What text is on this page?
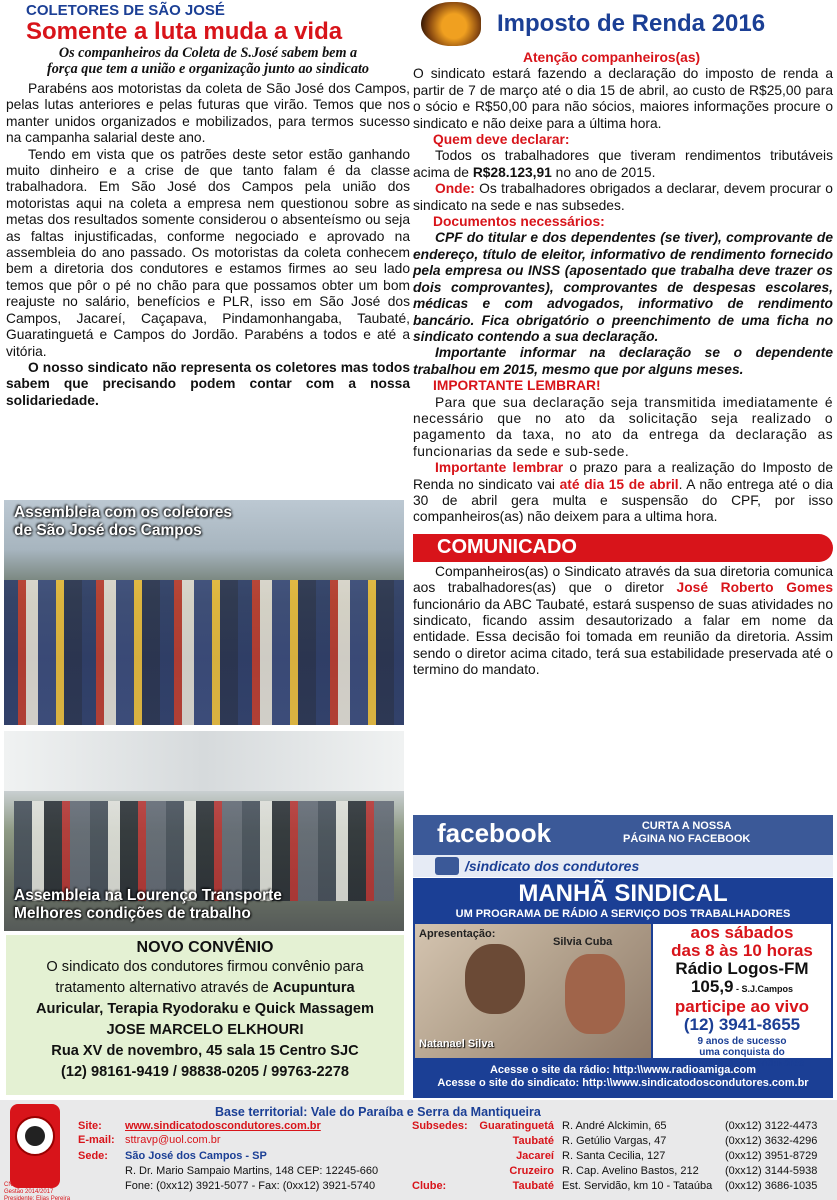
COLETORES DE SÃO JOSÉ
Somente a luta muda a vida
Os companheiros da Coleta de S.José sabem bem a
força que tem a união e organização junto ao sindicato

Parabéns aos motoristas da coleta de São José dos Campos, pelas lutas anteriores e pelas futuras que virão. Temos que nos manter unidos organizados e mobilizados, para termos sucesso na campanha salarial deste ano.

Tendo em vista que os patrões deste setor estão ganhando muito dinheiro e a crise de que tanto falam é da classe trabalhadora. Em São José dos Campos pela união dos motoristas aqui na coleta a empresa nem questionou sobre as metas dos resultados somente considerou o absenteísmo ou seja as faltas injustificadas, conforme negociado e aprovado na assembleia do ano passado. Os motoristas da coleta conhecem bem a diretoria dos condutores e estamos firmes ao seu lado temos que pôr o pé no chão para que possamos obter um bom reajuste no salário, benefícios e PLR, isso em São José dos Campos, Jacareí, Caçapava, Pindamonhangaba, Taubaté, Guaratinguetá e Campos do Jordão. Parabéns a todos e até a vitória.

O nosso sindicato não representa os coletores mas todos sabem que precisando podem contar com a nossa solidariedade.

Assembleia com os coletores
de São José dos Campos
Assembleia na Lourenço Transporte
Melhores condições de trabalho
NOVO CONVÊNIO
O sindicato dos condutores firmou convênio para
tratamento alternativo através de Acupuntura
Auricular, Terapia Ryodoraku e Quick Massagem
JOSE MARCELO ELKHOURI
Rua XV de novembro, 45 sala 15 Centro SJC
(12) 98161-9419 / 98838-0205 / 99763-2278
Imposto de Renda 2016
Atenção companheiros(as)

O sindicato estará fazendo a declaração do imposto de renda a partir de 7 de março até o dia 15 de abril, ao custo de R$25,00 para o sócio e R$50,00 para não sócios, maiores informações procure o sindicato e não deixe para a última hora.

Quem deve declarar:

Todos os trabalhadores que tiveram rendimentos tributáveis acima de R$28.123,91 no ano de 2015.

Onde: Os trabalhadores obrigados a declarar, devem procurar o sindicato na sede e nas subsedes.

Documentos necessários:

CPF do titular e dos dependentes (se tiver), comprovante de endereço, título de eleitor, informativo de rendimento fornecido pela empresa ou INSS (aposentado que trabalha deve trazer os dois comprovantes), comprovantes de despesas escolares, médicas e com advogados, informativo de rendimento bancário. Fica obrigatório o preenchimento de uma ficha no sindicato contendo a sua declaração.

Importante informar na declaração se o dependente trabalhou em 2015, mesmo que por alguns meses.

IMPORTANTE LEMBRAR!

Para que sua declaração seja transmitida imediatamente é necessário que no ato da solicitação seja realizado o pagamento da taxa, no ato da entrega da declaração as funcionarias da sede e sub-sede.

Importante lembrar o prazo para a realização do Imposto de Renda no sindicato vai até dia 15 de abril. A não entrega até o dia 30 de abril gera multa e suspensão do CPF, por isso companheiros(as) não deixem para a ultima hora.

COMUNICADO

Companheiros(as) o Sindicato através da sua diretoria comunica aos trabalhadores(as) que o diretor José Roberto Gomes funcionário da ABC Taubaté, estará suspenso de suas atividades no sindicato, ficando assim desautorizado a falar em nome da entidade. Essa decisão foi tomada em reunião da diretoria. Assim sendo o diretor acima citado, terá sua estabilidade preservada até o termino do mandato.

facebook	CURTA A NOSSA
PÁGINA NO FACEBOOK
/sindicato dos condutores
MANHÃ SINDICAL
UM PROGRAMA DE RÁDIO A SERVIÇO DOS TRABALHADORES
Apresentação:
Silvia Cuba
Natanael Silva
aos sábados
das 8 às 10 horas
Rádio Logos-FM
105,9 - S.J.Campos
participe ao vivo
(12) 3941-8655
9 anos de sucesso
uma conquista do
Sindicato dos Condutores
Acesse o site da rádio: http:\\www.radioamiga.com
Acesse o site do sindicato: http:\\www.sindicatodoscondutores.com.br
CNTTL FESTTT
Gestão 2014/2017
Presidente: Elias Pereira
Base territorial: Vale do Paraíba e Serra da Mantiqueira
Site: www.sindicatodoscondutores.com.br
E-mail: sttravp@uol.com.br
Sede: São José dos Campos - SP
R. Dr. Mario Sampaio Martins, 148 CEP: 12245-660
Fone: (0xx12) 3921-5077 - Fax: (0xx12) 3921-5740
Subsedes:
Clube:
Guaratinguetá R. André Alckimin, 65	(0xx12) 3122-4473
Taubaté R. Getúlio Vargas, 47	(0xx12) 3632-4296
Jacareí R. Santa Cecilia, 127	(0xx12) 3951-8729
Cruzeiro R. Cap. Avelino Bastos, 212 (0xx12) 3144-5938
Taubaté Est. Servidão, km 10 - Tataúba (0xx12) 3686-1035
